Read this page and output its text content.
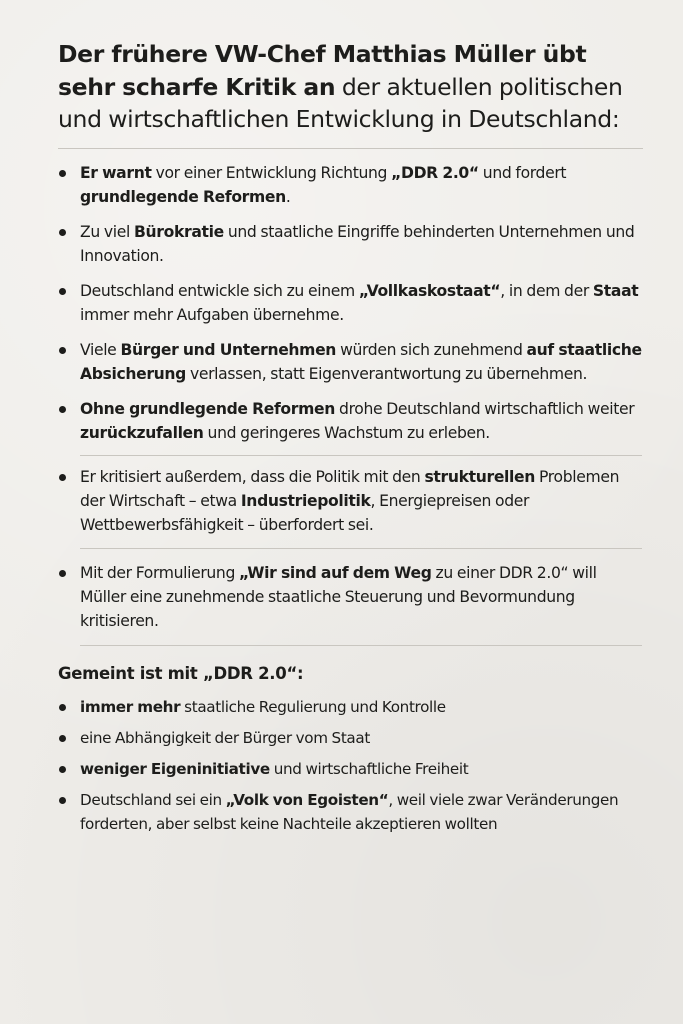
Der frühere VW-Chef Matthias Müller übt sehr scharfe Kritik an der aktuellen politischen und wirtschaftlichen Entwicklung in Deutschland:
Er warnt vor einer Entwicklung Richtung „DDR 2.0“ und fordert grundlegende Reformen.
Zu viel Bürokratie und staatliche Eingriffe behinderten Unternehmen und Innovation.
Deutschland entwickle sich zu einem „Vollkaskostaat“, in dem der Staat immer mehr Aufgaben übernehme.
Viele Bürger und Unternehmen würden sich zunehmend auf staatliche Absicherung verlassen, statt Eigenverantwortung zu übernehmen.
Ohne grundlegende Reformen drohe Deutschland wirtschaftlich weiter zurückzufallen und geringeres Wachstum zu erleben.
Er kritisiert außerdem, dass die Politik mit den strukturellen Problemen der Wirtschaft – etwa Industriepolitik, Energiepreisen oder Wettbewerbsfähigkeit – überfordert sei.
Mit der Formulierung „Wir sind auf dem Weg zu einer DDR 2.0“ will Müller eine zunehmende staatliche Steuerung und Bevormundung kritisieren.
Gemeint ist mit „DDR 2.0“:
immer mehr staatliche Regulierung und Kontrolle
eine Abhängigkeit der Bürger vom Staat
weniger Eigeninitiative und wirtschaftliche Freiheit
Deutschland sei ein „Volk von Egoisten“, weil viele zwar Veränderungen forderten, aber selbst keine Nachteile akzeptieren wollten
